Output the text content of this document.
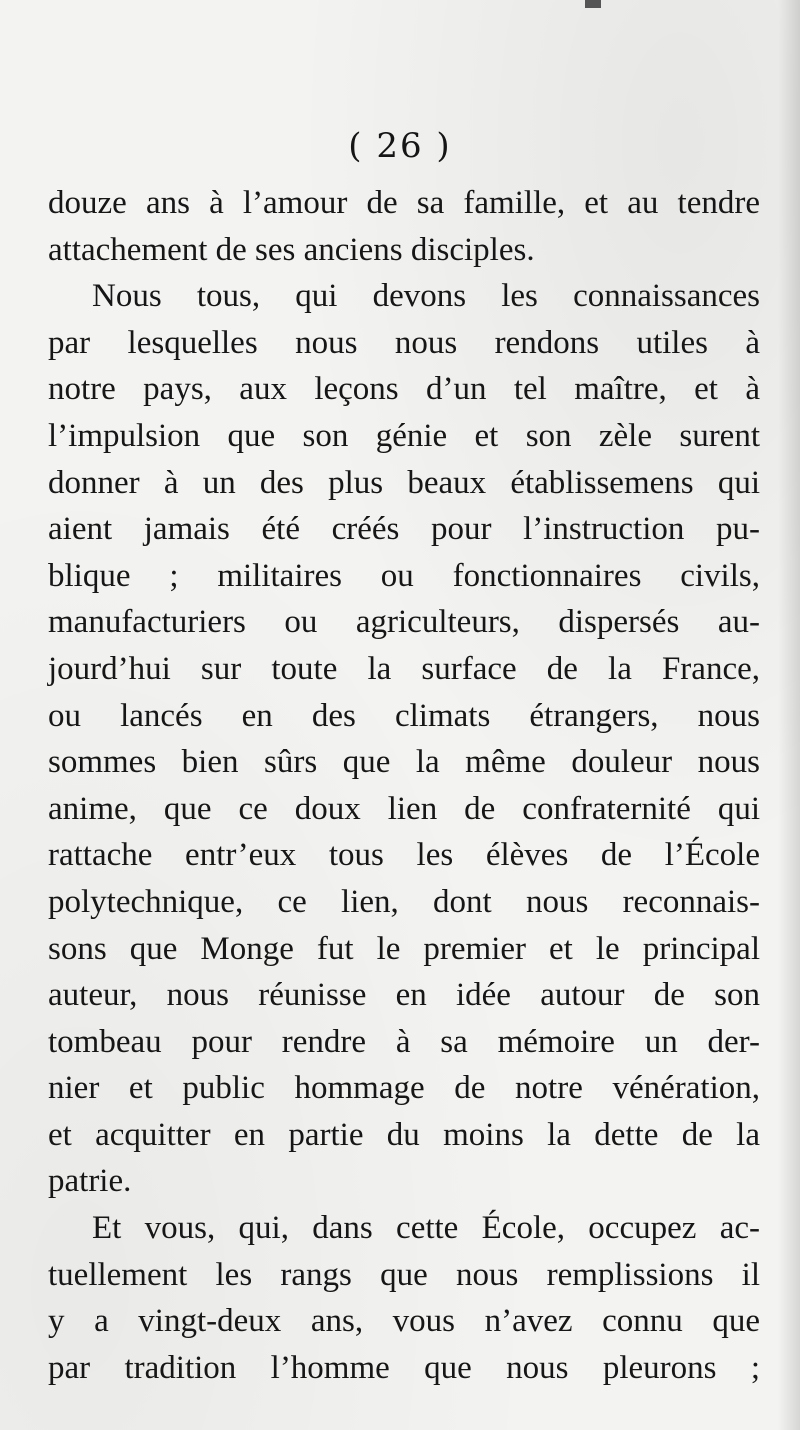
( 26 )
douze ans à l’amour de sa famille, et au tendre
attachement de ses anciens disciples.
Nous tous, qui devons les connaissances
par lesquelles nous nous rendons utiles à
notre pays, aux leçons d’un tel maître, et à
l’impulsion que son génie et son zèle surent
donner à un des plus beaux établissemens qui
aient jamais été créés pour l’instruction pu-
blique ; militaires ou fonctionnaires civils,
manufacturiers ou agriculteurs, dispersés au-
jourd’hui sur toute la surface de la France,
ou lancés en des climats étrangers, nous
sommes bien sûrs que la même douleur nous
anime, que ce doux lien de confraternité qui
rattache entr’eux tous les élèves de l’École
polytechnique, ce lien, dont nous reconnais-
sons que Monge fut le premier et le principal
auteur, nous réunisse en idée autour de son
tombeau pour rendre à sa mémoire un der-
nier et public hommage de notre vénération,
et acquitter en partie du moins la dette de la
patrie.
Et vous, qui, dans cette École, occupez ac-
tuellement les rangs que nous remplissions il
y a vingt-deux ans, vous n’avez connu que
par tradition l’homme que nous pleurons ;
